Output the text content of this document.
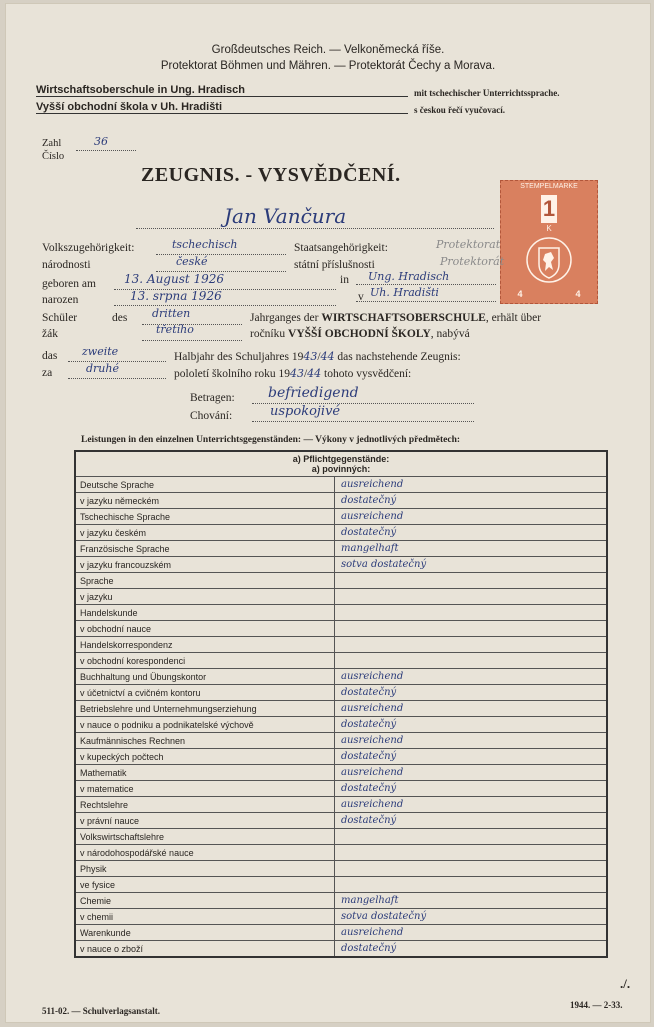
Großdeutsches Reich. — Velkoněmecká říše.
Protektorat Böhmen und Mähren. — Protektorát Čechy a Morava.
Wirtschaftsoberschule in Ung. Hradisch	mit tschechischer Unterrichtssprache.
Vyšší obchodní škola v Uh. Hradišti	s českou řečí vyučovací.
Zahl
Číslo
36
ZEUGNIS. - VYSVĚDČENÍ.
STEMPELMARKE
1
K
4	4
Jan Vančura
Volkszugehörigkeit:	tschechisch	Staatsangehörigkeit:	Protektorat
národnosti	české	státní příslušnosti	Protektorát
geboren am 13. August 1926	in Ung. Hradisch
narozen	13. srpna 1926	v Uh. Hradišti
Schüler	des dritten	Jahrganges der WIRTSCHAFTSOBERSCHULE, erhält über
žák	třetího	ročníku VYŠŠÍ OBCHODNÍ ŠKOLY, nabývá
das zweite	Halbjahr des Schuljahres 1943/44 das nachstehende Zeugnis:
za	druhé	pololetí školního roku 1943/44 tohoto vysvědčení:
Betragen: befriedigend
Chování:	uspokojivé
Leistungen in den einzelnen Unterrichtsgegenständen: — Výkony v jednotlivých předmětech:
a) Pflichtgegenstände:
a) povinných:	
Deutsche Sprache	ausreichend
v jazyku německém	dostatečný
Tschechische Sprache	ausreichend
v jazyku českém	dostatečný
Französische Sprache	mangelhaft
v jazyku francouzském	sotva dostatečný
Sprache	
v jazyku	
Handelskunde	
v obchodní nauce	
Handelskorrespondenz	
v obchodní korespondenci	
Buchhaltung und Übungskontor	ausreichend
v účetnictví a cvičném kontoru	dostatečný
Betriebslehre und Unternehmungserziehung	ausreichend
v nauce o podniku a podnikatelské výchově	dostatečný
Kaufmännisches Rechnen	ausreichend
v kupeckých počtech	dostatečný
Mathematik	ausreichend
v matematice	dostatečný
Rechtslehre	ausreichend
v právní nauce	dostatečný
Volkswirtschaftslehre	
v národohospodářské nauce	
Physik	
ve fysice	
Chemie	mangelhaft
v chemii	sotva dostatečný
Warenkunde	ausreichend
v nauce o zboží	dostatečný
./.
511-02. — Schulverlagsanstalt.
1944. — 2-33.
